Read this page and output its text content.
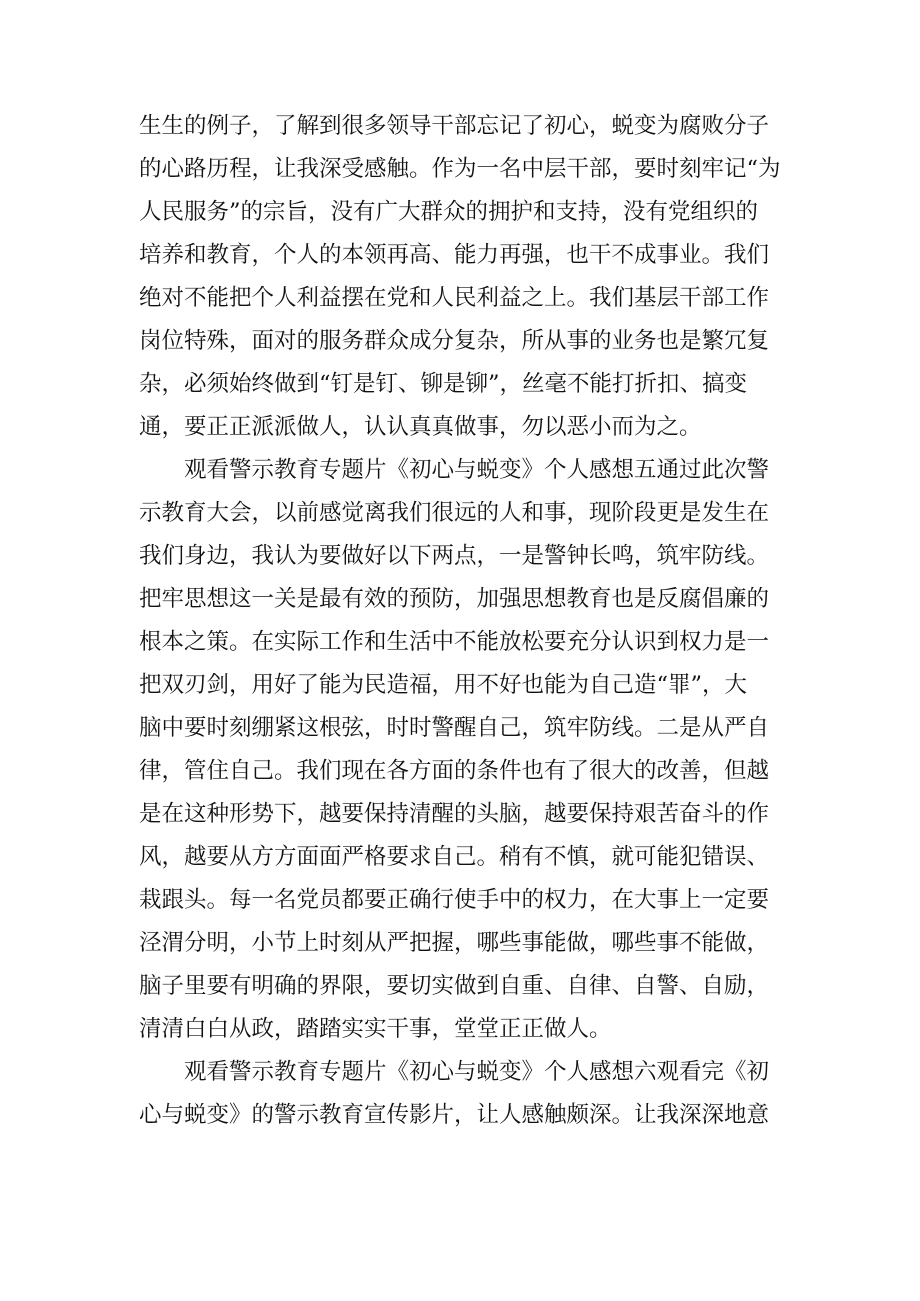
生生的例子，了解到很多领导干部忘记了初心，蜕变为腐败分子
的心路历程，让我深受感触。作为一名中层干部，要时刻牢记“为
人民服务”的宗旨，没有广大群众的拥护和支持，没有党组织的
培养和教育，个人的本领再高、能力再强，也干不成事业。我们
绝对不能把个人利益摆在党和人民利益之上。我们基层干部工作
岗位特殊，面对的服务群众成分复杂，所从事的业务也是繁冗复
杂，必须始终做到“钉是钉、铆是铆”，丝毫不能打折扣、搞变
通，要正正派派做人，认认真真做事，勿以恶小而为之。
观看警示教育专题片《初心与蜕变》个人感想五通过此次警
示教育大会，以前感觉离我们很远的人和事，现阶段更是发生在
我们身边，我认为要做好以下两点，一是警钟长鸣，筑牢防线。
把牢思想这一关是最有效的预防，加强思想教育也是反腐倡廉的
根本之策。在实际工作和生活中不能放松要充分认识到权力是一
把双刃剑，用好了能为民造福，用不好也能为自己造“罪”，大
脑中要时刻绷紧这根弦，时时警醒自己，筑牢防线。二是从严自
律，管住自己。我们现在各方面的条件也有了很大的改善，但越
是在这种形势下，越要保持清醒的头脑，越要保持艰苦奋斗的作
风，越要从方方面面严格要求自己。稍有不慎，就可能犯错误、
栽跟头。每一名党员都要正确行使手中的权力，在大事上一定要
泾渭分明，小节上时刻从严把握，哪些事能做，哪些事不能做，
脑子里要有明确的界限，要切实做到自重、自律、自警、自励，
清清白白从政，踏踏实实干事，堂堂正正做人。
观看警示教育专题片《初心与蜕变》个人感想六观看完《初
心与蜕变》的警示教育宣传影片，让人感触颇深。让我深深地意
